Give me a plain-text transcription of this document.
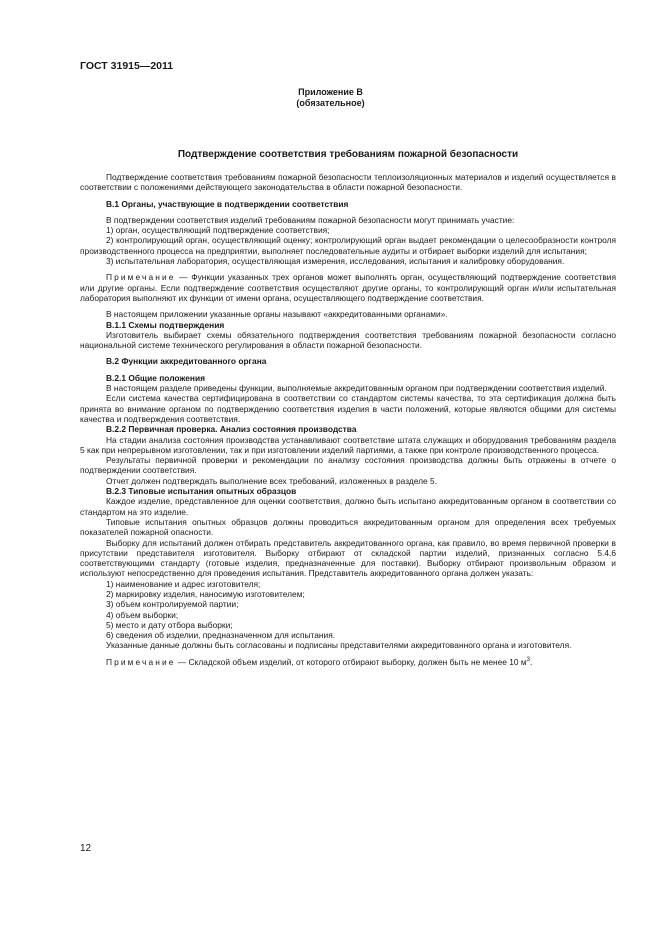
ГОСТ 31915—2011
Приложение В
(обязательное)
Подтверждение соответствия требованиям пожарной безопасности

Подтверждение соответствия требованиям пожарной безопасности теплоизоляционных материалов и изделий осуществляется в соответствии с положениями действующего законодательства в области пожарной безопасности.

В.1 Органы, участвующие в подтверждении соответствия

В подтверждении соответствия изделий требованиям пожарной безопасности могут принимать участие:

1) орган, осуществляющий подтверждение соответствия;

2) контролирующий орган, осуществляющий оценку; контролирующий орган выдает рекомендации о целесообразности контроля производственного процесса на предприятии, выполняет последовательные аудиты и отбирает выборки изделий для испытания;

3) испытательная лаборатория, осуществляющая измерения, исследования, испытания и калибровку оборудования.

Примечание — Функции указанных трех органов может выполнять орган, осуществляющий подтверждение соответствия или другие органы. Если подтверждение соответствия осуществляют другие органы, то контролирующий орган и/или испытательная лаборатория выполняют их функции от имени органа, осуществляющего подтверждение соответствия.

В настоящем приложении указанные органы называют «аккредитованными органами».

В.1.1 Схемы подтверждения

Изготовитель выбирает схемы обязательного подтверждения соответствия требованиям пожарной безопасности согласно национальной системе технического регулирования в области пожарной безопасности.

В.2 Функции аккредитованного органа

В.2.1 Общие положения

В настоящем разделе приведены функции, выполняемые аккредитованным органом при подтверждении соответствия изделий.

Если система качества сертифицирована в соответствии со стандартом системы качества, то эта сертификация должна быть принята во внимание органом по подтверждению соответствия изделия в части положений, которые являются общими для системы качества и подтверждения соответствия.

В.2.2 Первичная проверка. Анализ состояния производства

На стадии анализа состояния производства устанавливают соответствие штата служащих и оборудования требованиям раздела 5 как при непрерывном изготовлении, так и при изготовлении изделий партиями, а также при контроле производственного процесса.

Результаты первичной проверки и рекомендации по анализу состояния производства должны быть отражены в отчете о подтверждении соответствия.

Отчет должен подтверждать выполнение всех требований, изложенных в разделе 5.

В.2.3 Типовые испытания опытных образцов

Каждое изделие, представленное для оценки соответствия, должно быть испытано аккредитованным органом в соответствии со стандартом на это изделие.

Типовые испытания опытных образцов должны проводиться аккредитованным органом для определения всех требуемых показателей пожарной опасности.

Выборку для испытаний должен отбирать представитель аккредитованного органа, как правило, во время первичной проверки в присутствии представителя изготовителя. Выборку отбирают от складской партии изделий, признанных согласно 5.4.6 соответствующими стандарту (готовые изделия, предназначенные для поставки). Выборку отбирают произвольным образом и используют непосредственно для проведения испытания. Представитель аккредитованного органа должен указать:

1) наименование и адрес изготовителя;

2) маркировку изделия, наносимую изготовителем;

3) объем контролируемой партии;

4) объем выборки;

5) место и дату отбора выборки;

6) сведения об изделии, предназначенном для испытания.

Указанные данные должны быть согласованы и подписаны представителями аккредитованного органа и изготовителя.

Примечание — Складской объем изделий, от которого отбирают выборку, должен быть не менее 10 $м^3$.

12
